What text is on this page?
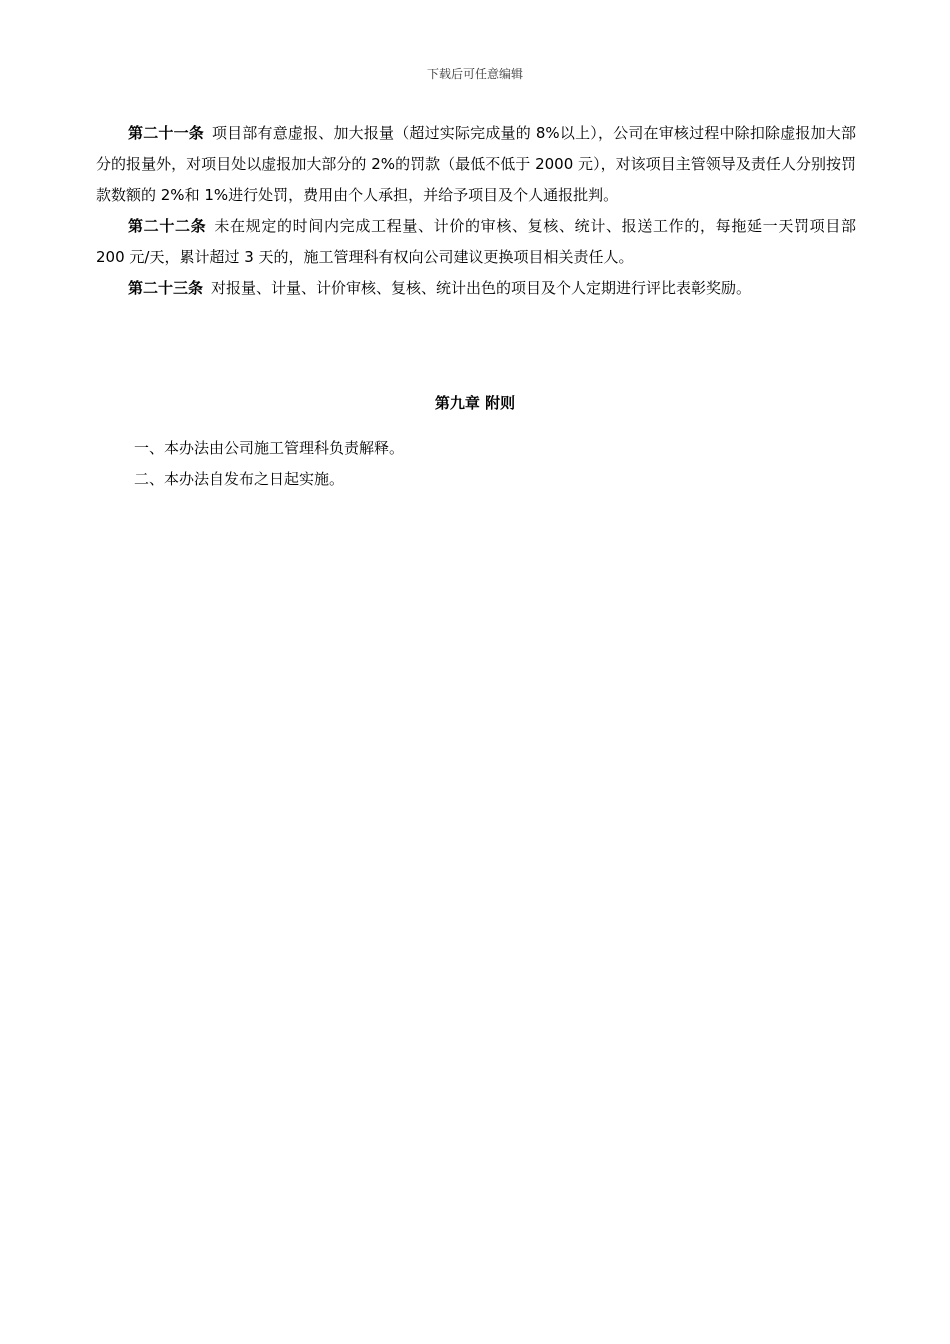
下载后可任意编辑

第二十一条 项目部有意虚报、加大报量（超过实际完成量的 8%以上），公司在审核过程中除扣除虚报加大部分的报量外，对项目处以虚报加大部分的 2%的罚款（最低不低于 2000 元），对该项目主管领导及责任人分别按罚款数额的 2%和 1%进行处罚，费用由个人承担，并给予项目及个人通报批判。

第二十二条 未在规定的时间内完成工程量、计价的审核、复核、统计、报送工作的，每拖延一天罚项目部 200 元/天，累计超过 3 天的，施工管理科有权向公司建议更换项目相关责任人。

第二十三条 对报量、计量、计价审核、复核、统计出色的项目及个人定期进行评比表彰奖励。

第九章 附则

一、本办法由公司施工管理科负责解释。

二、本办法自发布之日起实施。
